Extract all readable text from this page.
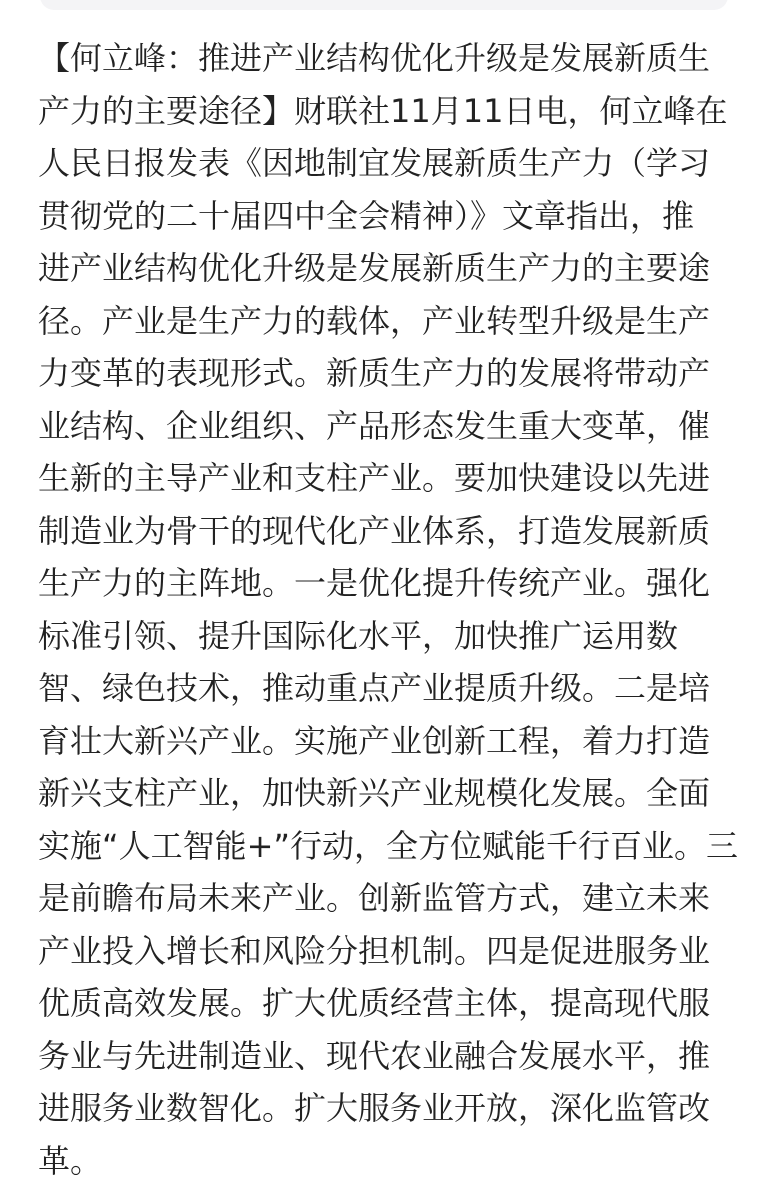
【何立峰：推进产业结构优化升级是发展新质生
产力的主要途径】财联社11月11日电，何立峰在
人民日报发表《因地制宜发展新质生产力（学习
贯彻党的二十届四中全会精神）》文章指出，推
进产业结构优化升级是发展新质生产力的主要途
径。产业是生产力的载体，产业转型升级是生产
力变革的表现形式。新质生产力的发展将带动产
业结构、企业组织、产品形态发生重大变革，催
生新的主导产业和支柱产业。要加快建设以先进
制造业为骨干的现代化产业体系，打造发展新质
生产力的主阵地。一是优化提升传统产业。强化
标准引领、提升国际化水平，加快推广运用数
智、绿色技术，推动重点产业提质升级。二是培
育壮大新兴产业。实施产业创新工程，着力打造
新兴支柱产业，加快新兴产业规模化发展。全面
实施“人工智能+”行动，全方位赋能千行百业。三
是前瞻布局未来产业。创新监管方式，建立未来
产业投入增长和风险分担机制。四是促进服务业
优质高效发展。扩大优质经营主体，提高现代服
务业与先进制造业、现代农业融合发展水平，推
进服务业数智化。扩大服务业开放，深化监管改
革。
